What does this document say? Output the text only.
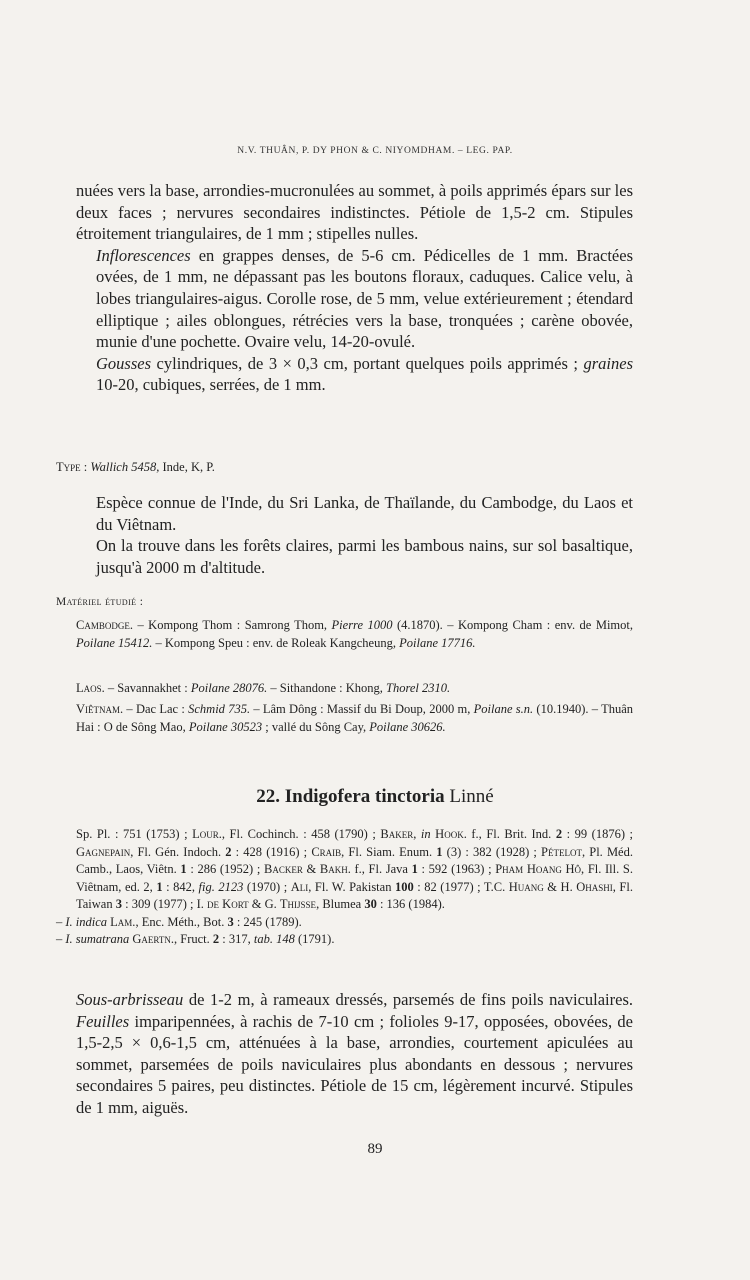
N.V. THUÂN, P. DY PHON & C. NIYOMDHAM. – LEG. PAP.

nuées vers la base, arrondies-mucronulées au sommet, à poils apprimés épars sur les deux faces ; nervures secondaires indistinctes. Pétiole de 1,5-2 cm. Stipules étroitement triangulaires, de 1 mm ; stipelles nulles.

Inflorescences en grappes denses, de 5-6 cm. Pédicelles de 1 mm. Bractées ovées, de 1 mm, ne dépassant pas les boutons floraux, caduques. Calice velu, à lobes triangulaires-aigus. Corolle rose, de 5 mm, velue extérieurement ; étendard elliptique ; ailes oblongues, rétrécies vers la base, tronquées ; carène obovée, munie d'une pochette. Ovaire velu, 14-20-ovulé.

Gousses cylindriques, de 3 × 0,3 cm, portant quelques poils apprimés ; graines 10-20, cubiques, serrées, de 1 mm.

Type : Wallich 5458, Inde, K, P.

Espèce connue de l'Inde, du Sri Lanka, de Thaïlande, du Cambodge, du Laos et du Viêtnam.

On la trouve dans les forêts claires, parmi les bambous nains, sur sol basaltique, jusqu'à 2000 m d'altitude.

Matériel étudié :

Cambodge. – Kompong Thom : Samrong Thom, Pierre 1000 (4.1870). – Kompong Cham : env. de Mimot, Poilane 15412. – Kompong Speu : env. de Roleak Kangcheung, Poilane 17716.

Laos. – Savannakhet : Poilane 28076. – Sithandone : Khong, Thorel 2310.

Viêtnam. – Dac Lac : Schmid 735. – Lâm Dông : Massif du Bi Doup, 2000 m, Poilane s.n. (10.1940). – Thuân Hai : O de Sông Mao, Poilane 30523 ; vallé du Sông Cay, Poilane 30626.

22. Indigofera tinctoria Linné

Sp. Pl. : 751 (1753) ; Lour., Fl. Cochinch. : 458 (1790) ; Baker, in Hook. f., Fl. Brit. Ind. 2 : 99 (1876) ; Gagnepain, Fl. Gén. Indoch. 2 : 428 (1916) ; Craib, Fl. Siam. Enum. 1 (3) : 382 (1928) ; Pételot, Pl. Méd. Camb., Laos, Viêtn. 1 : 286 (1952) ; Backer & Bakh. f., Fl. Java 1 : 592 (1963) ; Pham Hoang Hô, Fl. Ill. S. Viêtnam, ed. 2, 1 : 842, fig. 2123 (1970) ; Ali, Fl. W. Pakistan 100 : 82 (1977) ; T.C. Huang & H. Ohashi, Fl. Taiwan 3 : 309 (1977) ; I. de Kort & G. Thijsse, Blumea 30 : 136 (1984).

– I. indica Lam., Enc. Méth., Bot. 3 : 245 (1789).

– I. sumatrana Gaertn., Fruct. 2 : 317, tab. 148 (1791).

Sous-arbrisseau de 1-2 m, à rameaux dressés, parsemés de fins poils naviculaires. Feuilles imparipennées, à rachis de 7-10 cm ; folioles 9-17, opposées, obovées, de 1,5-2,5 × 0,6-1,5 cm, atténuées à la base, arrondies, courtement apiculées au sommet, parsemées de poils naviculaires plus abondants en dessous ; nervures secondaires 5 paires, peu distinctes. Pétiole de 15 cm, légèrement incurvé. Stipules de 1 mm, aiguës.

89
